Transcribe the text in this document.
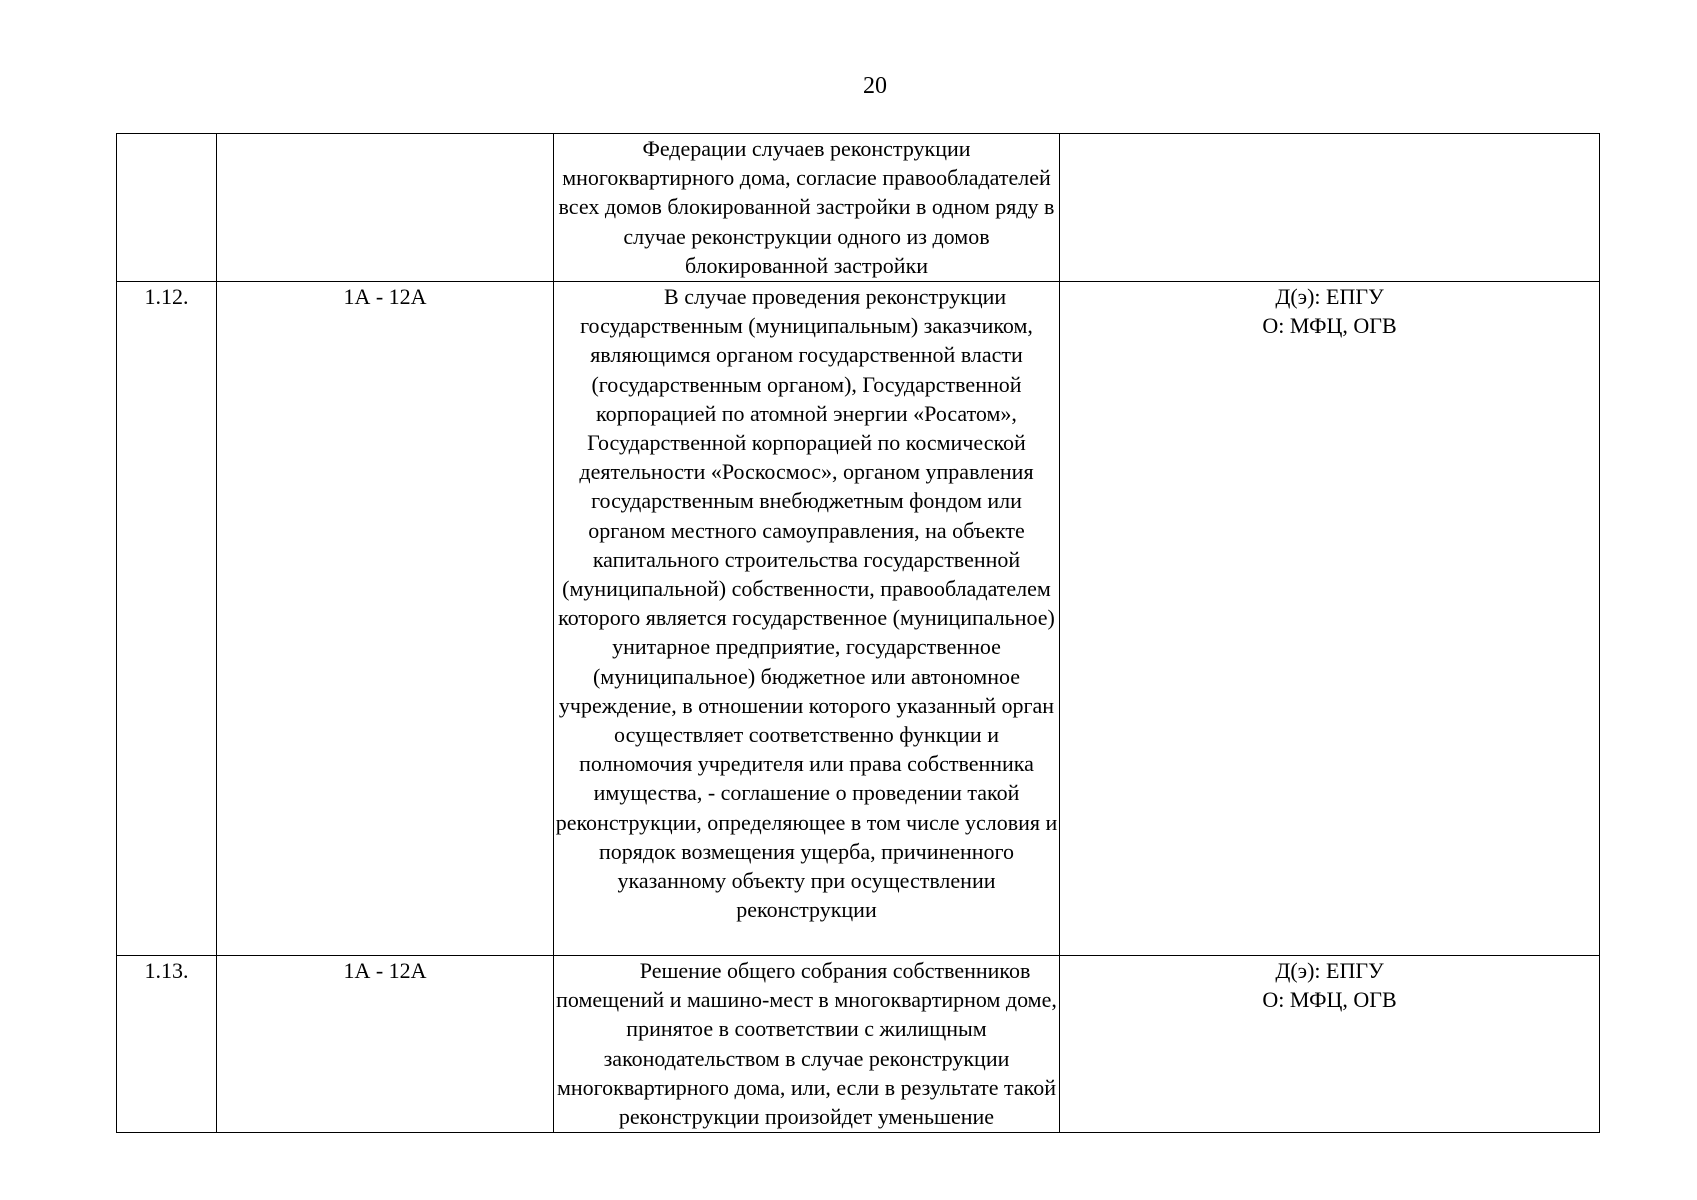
20

		Федерации случаев реконструкции многоквартирного дома, согласие правообладателей всех домов блокированной застройки в одном ряду в случае реконструкции одного из домов блокированной застройки	

1.12.	1А - 12А	В случае проведения реконструкции государственным (муниципальным) заказчиком, являющимся органом государственной власти (государственным органом), Государственной корпорацией по атомной энергии «Росатом», Государственной корпорацией по космической деятельности «Роскосмос», органом управления государственным внебюджетным фондом или органом местного самоуправления, на объекте капитального строительства государственной (муниципальной) собственности, правообладателем которого является государственное (муниципальное) унитарное предприятие, государственное (муниципальное) бюджетное или автономное учреждение, в отношении которого указанный орган осуществляет соответственно функции и полномочия учредителя или права собственника имущества, - соглашение о проведении такой реконструкции, определяющее в том числе условия и порядок возмещения ущерба, причиненного указанному объекту при осуществлении реконструкции	Д(э): ЕПГУ
О: МФЦ, ОГВ

1.13.	1А - 12А	Решение общего собрания собственников помещений и машино-мест в многоквартирном доме, принятое в соответствии с жилищным законодательством в случае реконструкции многоквартирного дома, или, если в результате такой реконструкции произойдет уменьшение	Д(э): ЕПГУ
О: МФЦ, ОГВ
